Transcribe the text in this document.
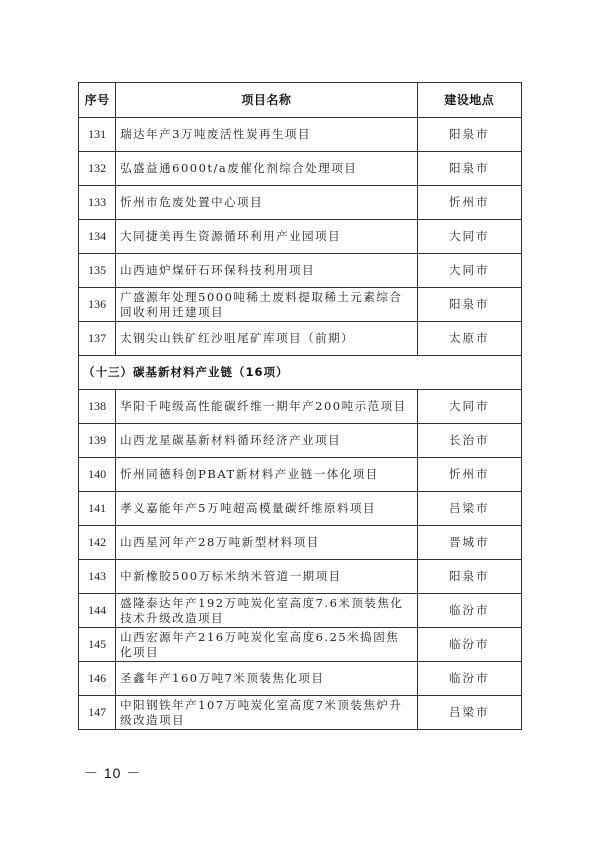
序号	项目名称	建设地点
131	瑞达年产3万吨废活性炭再生项目	阳泉市
132	弘盛益通6000t/a废催化剂综合处理项目	阳泉市
133	忻州市危废处置中心项目	忻州市
134	大同捷美再生资源循环利用产业园项目	大同市
135	山西迪炉煤矸石环保科技利用项目	大同市
136	广盛源年处理5000吨稀土废料提取稀土元素综合回收利用迁建项目	阳泉市
137	太钢尖山铁矿红沙咀尾矿库项目（前期）	太原市
（十三）碳基新材料产业链（16项）		
138	华阳千吨级高性能碳纤维一期年产200吨示范项目	大同市
139	山西龙星碳基新材料循环经济产业项目	长治市
140	忻州同德科创PBAT新材料产业链一体化项目	忻州市
141	孝义嘉能年产5万吨超高模量碳纤维原料项目	吕梁市
142	山西星河年产28万吨新型材料项目	晋城市
143	中新橡胶500万标米纳米管道一期项目	阳泉市
144	盛隆泰达年产192万吨炭化室高度7.6米顶装焦化技术升级改造项目	临汾市
145	山西宏源年产216万吨炭化室高度6.25米捣固焦化项目	临汾市
146	圣鑫年产160万吨7米顶装焦化项目	临汾市
147	中阳钢铁年产107万吨炭化室高度7米顶装焦炉升级改造项目	吕梁市
－ 10 －
